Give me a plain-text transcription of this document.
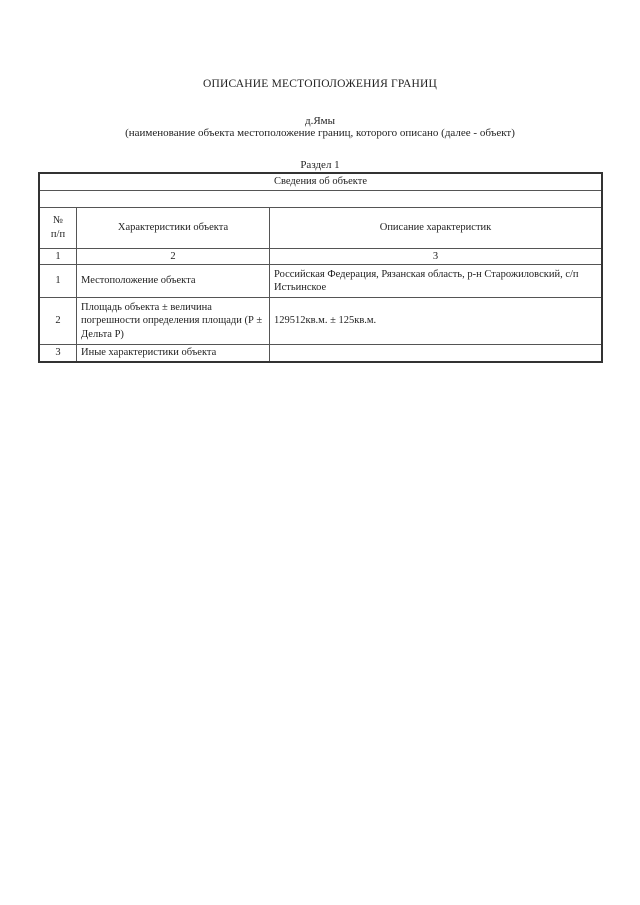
ОПИСАНИЕ МЕСТОПОЛОЖЕНИЯ ГРАНИЦ
д.Ямы
(наименование объекта местоположение границ, которого описано (далее - объект)
Раздел 1
Сведения об объекте		

№
п/п	Характеристики объекта	Описание характеристик
1	2	3
1	Местоположение объекта	Российская Федерация, Рязанская область, р-н Старожиловский, с/п Истьинское
2	Площадь объекта ± величина погрешности определения площади (Р ± Дельта Р)	129512кв.м. ± 125кв.м.
3	Иные характеристики объекта	
